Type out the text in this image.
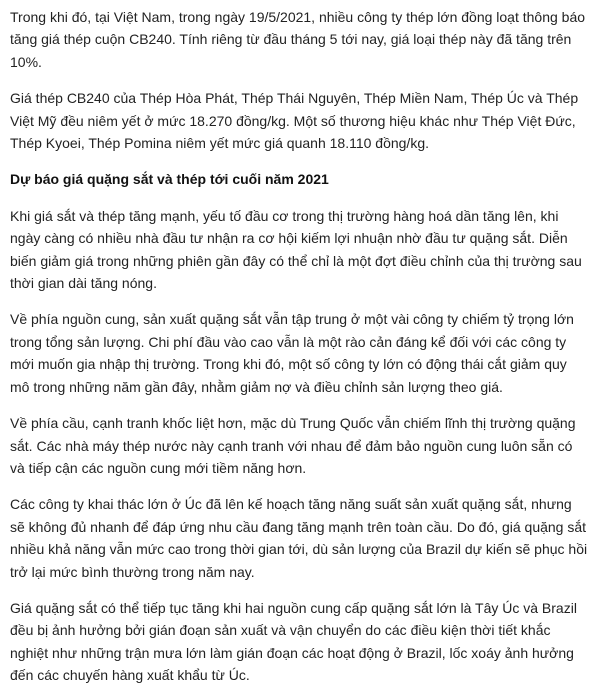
Trong khi đó, tại Việt Nam, trong ngày 19/5/2021, nhiều công ty thép lớn đồng loạt thông báo tăng giá thép cuộn CB240. Tính riêng từ đầu tháng 5 tới nay, giá loại thép này đã tăng trên 10%.

Giá thép CB240 của Thép Hòa Phát, Thép Thái Nguyên, Thép Miền Nam, Thép Úc và Thép Việt Mỹ đều niêm yết ở mức 18.270 đồng/kg. Một số thương hiệu khác như Thép Việt Đức, Thép Kyoei, Thép Pomina niêm yết mức giá quanh 18.110 đồng/kg.

Dự báo giá quặng sắt và thép tới cuối năm 2021

Khi giá sắt và thép tăng mạnh, yếu tố đầu cơ trong thị trường hàng hoá dần tăng lên, khi ngày càng có nhiều nhà đầu tư nhận ra cơ hội kiếm lợi nhuận nhờ đầu tư quặng sắt. Diễn biến giảm giá trong những phiên gần đây có thể chỉ là một đợt điều chỉnh của thị trường sau thời gian dài tăng nóng.

Về phía nguồn cung, sản xuất quặng sắt vẫn tập trung ở một vài công ty chiếm tỷ trọng lớn trong tổng sản lượng. Chi phí đầu vào cao vẫn là một rào cản đáng kể đối với các công ty mới muốn gia nhập thị trường. Trong khi đó, một số công ty lớn có động thái cắt giảm quy mô trong những năm gần đây, nhằm giảm nợ và điều chỉnh sản lượng theo giá.

Về phía cầu, cạnh tranh khốc liệt hơn, mặc dù Trung Quốc vẫn chiếm lĩnh thị trường quặng sắt. Các nhà máy thép nước này cạnh tranh với nhau để đảm bảo nguồn cung luôn sẵn có và tiếp cận các nguồn cung mới tiềm năng hơn.

Các công ty khai thác lớn ở Úc đã lên kế hoạch tăng năng suất sản xuất quặng sắt, nhưng sẽ không đủ nhanh để đáp ứng nhu cầu đang tăng mạnh trên toàn cầu. Do đó, giá quặng sắt nhiều khả năng vẫn mức cao trong thời gian tới, dù sản lượng của Brazil dự kiến sẽ phục hồi trở lại mức bình thường trong năm nay.

Giá quặng sắt có thể tiếp tục tăng khi hai nguồn cung cấp quặng sắt lớn là Tây Úc và Brazil đều bị ảnh hưởng bởi gián đoạn sản xuất và vận chuyển do các điều kiện thời tiết khắc nghiệt như những trận mưa lớn làm gián đoạn các hoạt động ở Brazil, lốc xoáy ảnh hưởng đến các chuyến hàng xuất khẩu từ Úc.
